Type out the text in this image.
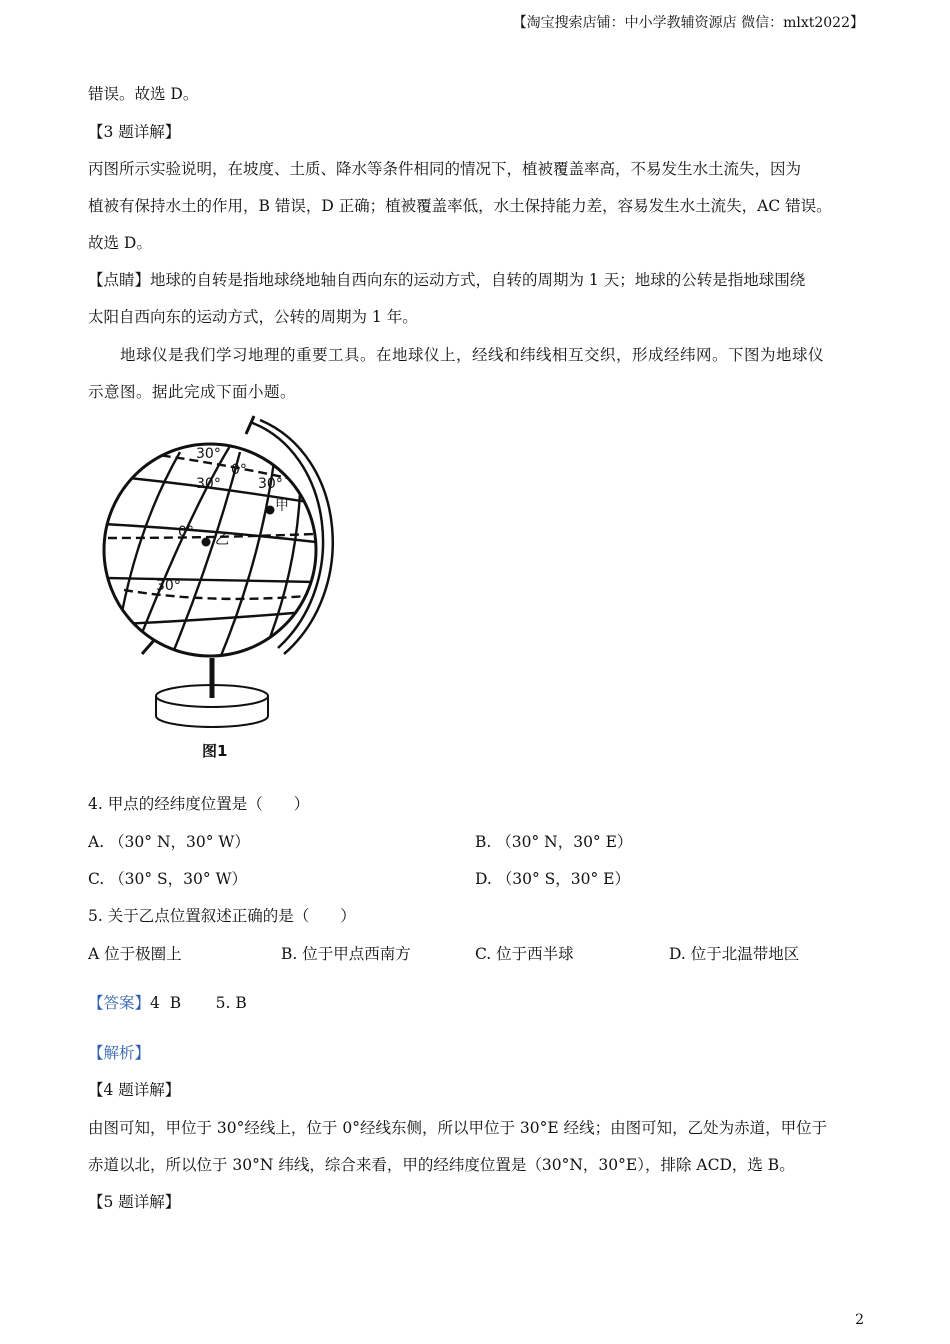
【淘宝搜索店铺：中小学教辅资源店 微信：mlxt2022】
错误。故选 D。
【3 题详解】
丙图所示实验说明，在坡度、土质、降水等条件相同的情况下，植被覆盖率高，不易发生水土流失，因为
植被有保持水土的作用，B 错误，D 正确；植被覆盖率低，水土保持能力差，容易发生水土流失，AC 错误。
故选 D。
【点睛】地球的自转是指地球绕地轴自西向东的运动方式，自转的周期为 1 天；地球的公转是指地球围绕
太阳自西向东的运动方式，公转的周期为 1 年。
地球仪是我们学习地理的重要工具。在地球仪上，经线和纬线相互交织，形成经纬网。下图为地球仪
示意图。据此完成下面小题。
30°
0°
30°	30°
甲
0° 乙
30°
图1
4. 甲点的经纬度位置是（　　）
A. （30° N，30° W）	B. （30° N，30° E）
C. （30° S，30° W）	D. （30° S，30° E）
5. 关于乙点位置叙述正确的是（　　）
A 位于极圈上	B. 位于甲点西南方	C. 位于西半球	D. 位于北温带地区
【答案】4  B       5. B
【解析】
【4 题详解】
由图可知，甲位于 30°经线上，位于 0°经线东侧，所以甲位于 30°E 经线；由图可知，乙处为赤道，甲位于
赤道以北，所以位于 30°N 纬线，综合来看，甲的经纬度位置是（30°N，30°E），排除 ACD，选 B。
【5 题详解】
2
